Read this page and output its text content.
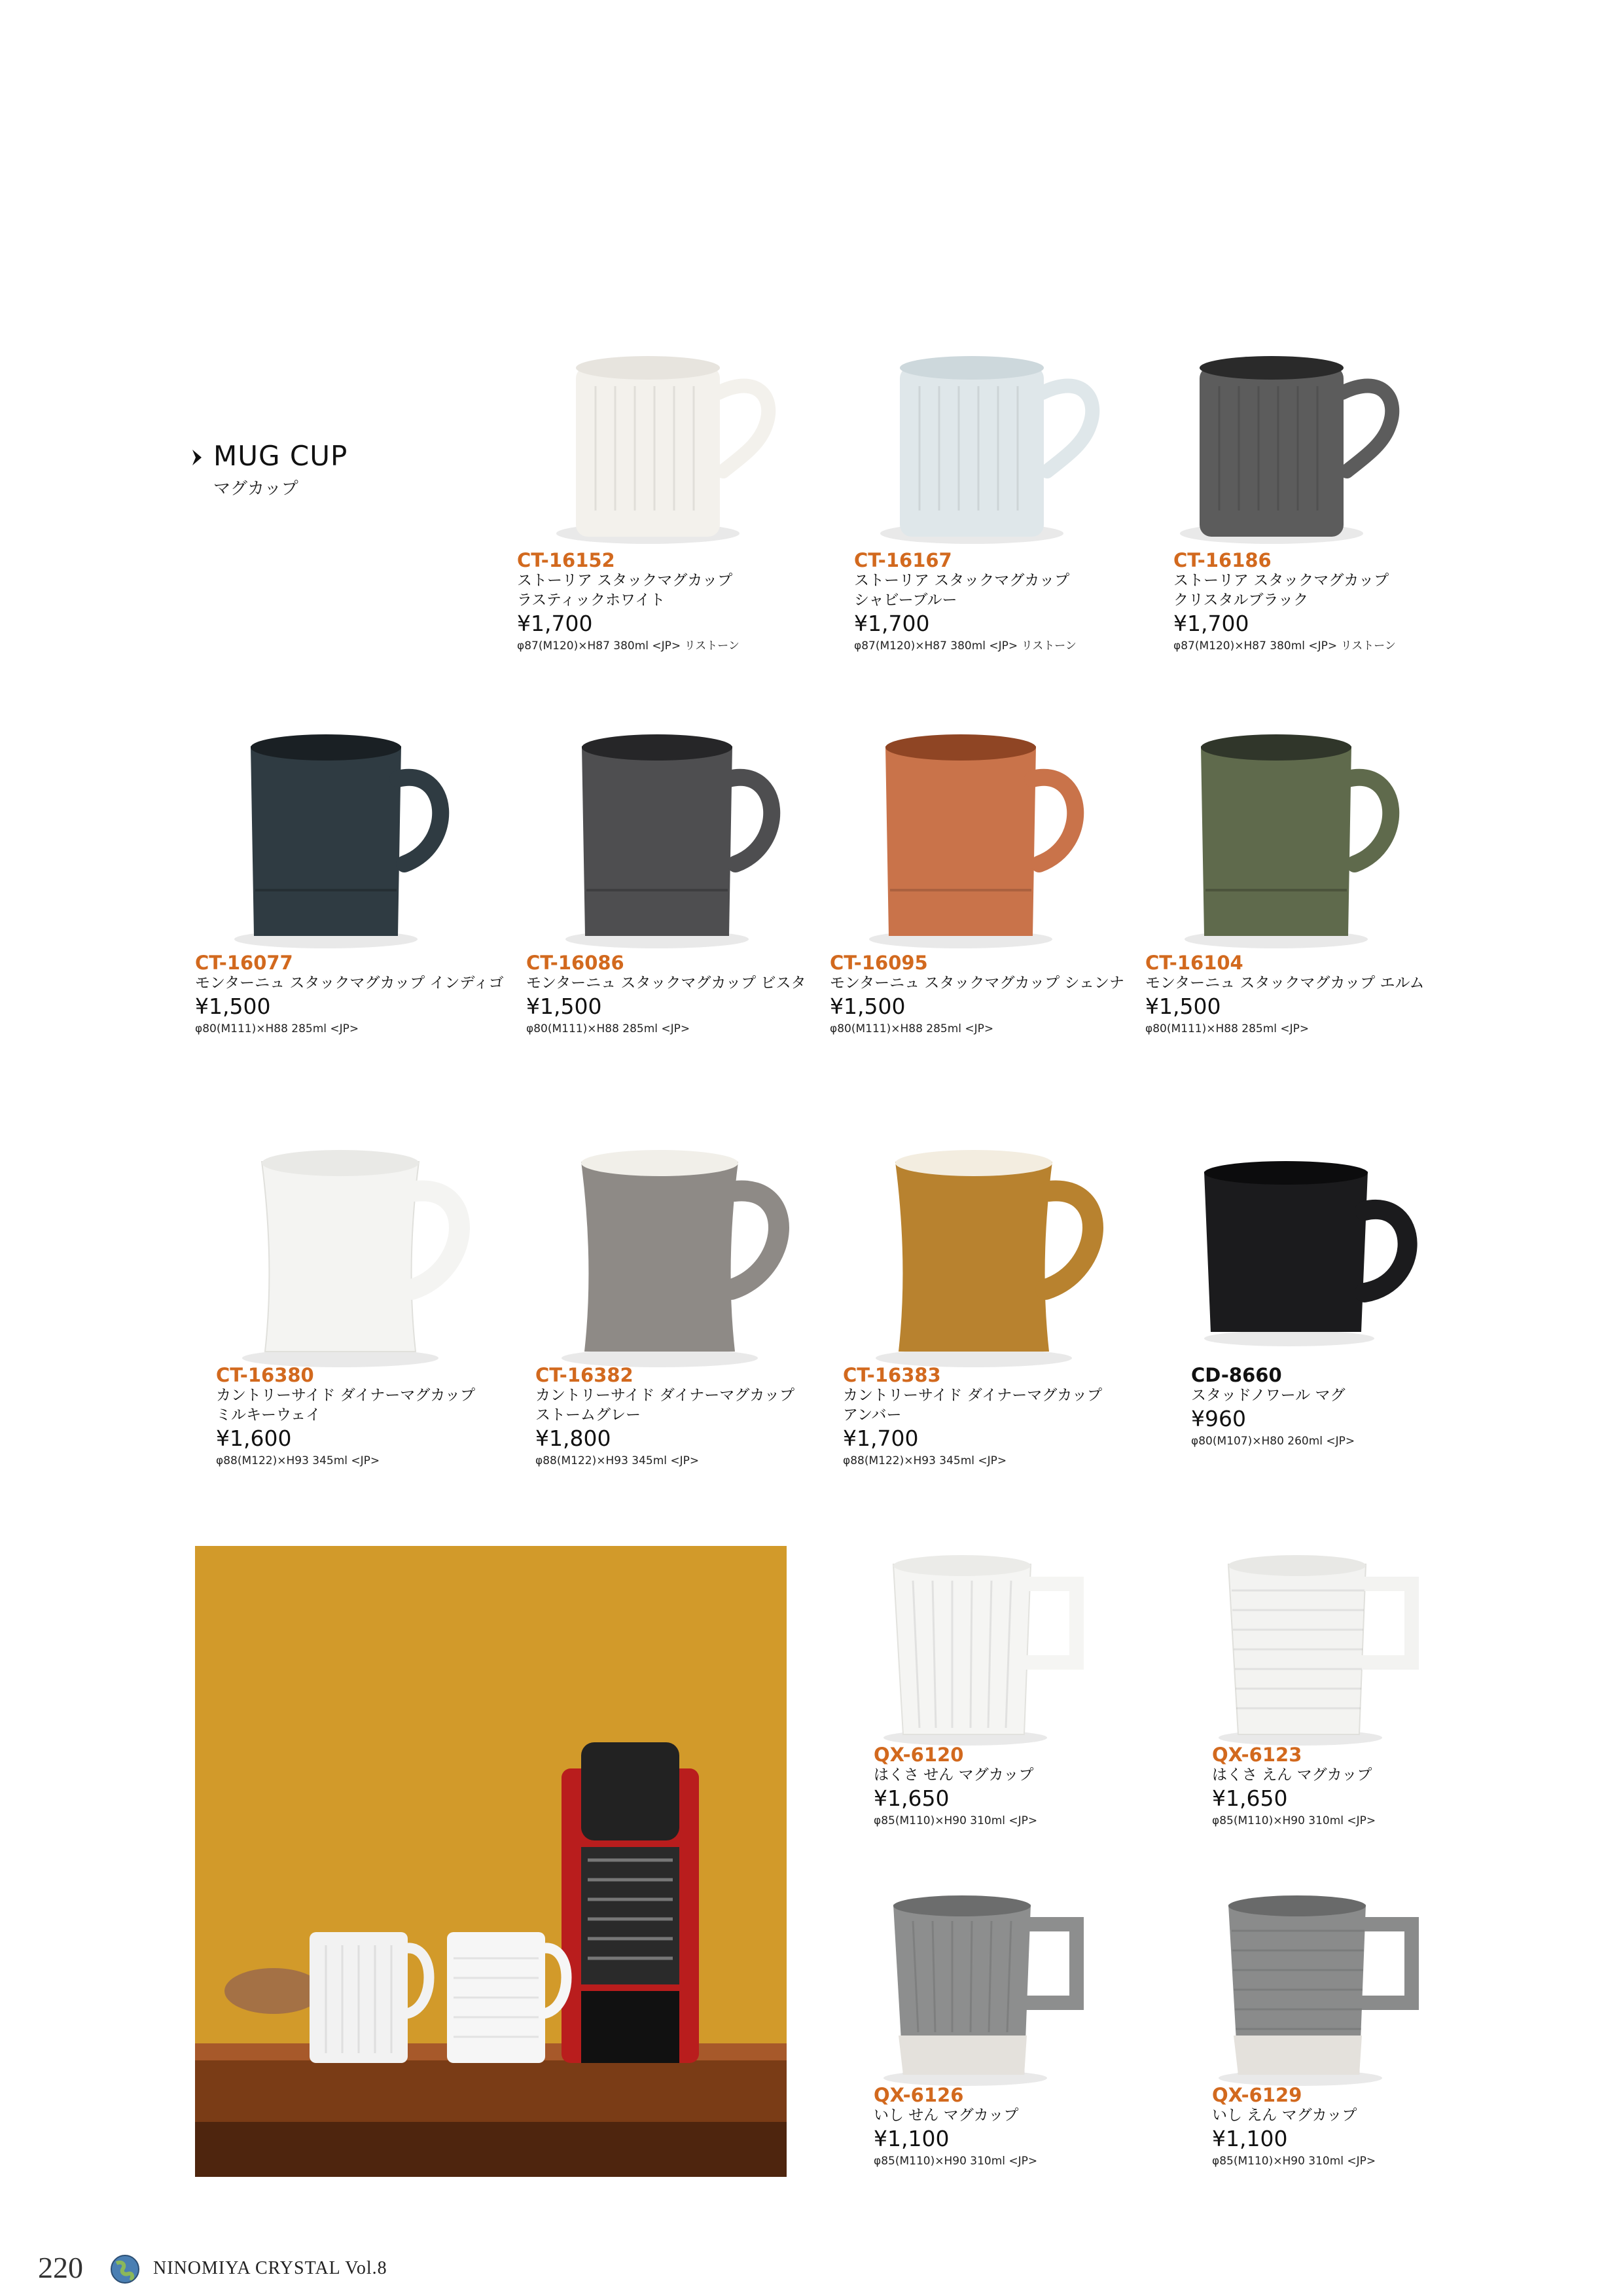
MUG CUP
マグカップ
CT-16152
ストーリア スタックマグカップ
ラスティックホワイト
¥1,700
φ87(M120)×H87 380ml <JP> リストーン
CT-16167
ストーリア スタックマグカップ
シャビーブルー
¥1,700
φ87(M120)×H87 380ml <JP> リストーン
CT-16186
ストーリア スタックマグカップ
クリスタルブラック
¥1,700
φ87(M120)×H87 380ml <JP> リストーン
CT-16077
モンターニュ スタックマグカップ インディゴ
¥1,500
φ80(M111)×H88 285ml <JP>
CT-16086
モンターニュ スタックマグカップ ビスタ
¥1,500
φ80(M111)×H88 285ml <JP>
CT-16095
モンターニュ スタックマグカップ シェンナ
¥1,500
φ80(M111)×H88 285ml <JP>
CT-16104
モンターニュ スタックマグカップ エルム
¥1,500
φ80(M111)×H88 285ml <JP>
CT-16380
カントリーサイド ダイナーマグカップ
ミルキーウェイ
¥1,600
φ88(M122)×H93 345ml <JP>
CT-16382
カントリーサイド ダイナーマグカップ
ストームグレー
¥1,800
φ88(M122)×H93 345ml <JP>
CT-16383
カントリーサイド ダイナーマグカップ
アンバー
¥1,700
φ88(M122)×H93 345ml <JP>
CD-8660
スタッドノワール マグ
¥960
φ80(M107)×H80 260ml <JP>
QX-6120
はくさ せん マグカップ
¥1,650
φ85(M110)×H90 310ml <JP>
QX-6123
はくさ えん マグカップ
¥1,650
φ85(M110)×H90 310ml <JP>
QX-6126
いし せん マグカップ
¥1,100
φ85(M110)×H90 310ml <JP>
QX-6129
いし えん マグカップ
¥1,100
φ85(M110)×H90 310ml <JP>
220	NINOMIYA CRYSTAL Vol.8
